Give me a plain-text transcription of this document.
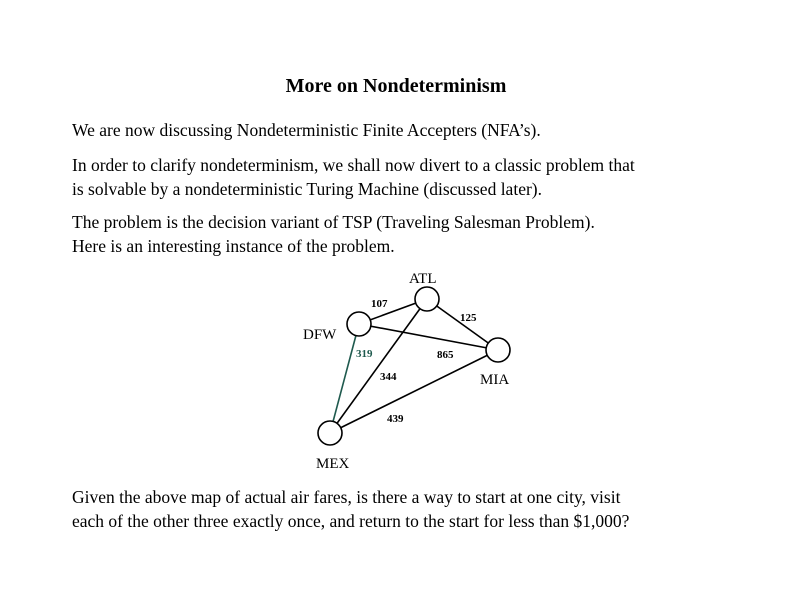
More on Nondeterminism

We are now discussing Nondeterministic Finite Accepters (NFA’s).

In order to clarify nondeterminism, we shall now divert to a classic problem that
is solvable by a nondeterministic Turing Machine (discussed later).

The problem is the decision variant of TSP (Traveling Salesman Problem).
Here is an interesting instance of the problem.

ATL
DFW
MIA
MEX
107
125
319	865
344
439

Given the above map of actual air fares, is there a way to start at one city, visit
each of the other three exactly once, and return to the start for less than $1,000?
